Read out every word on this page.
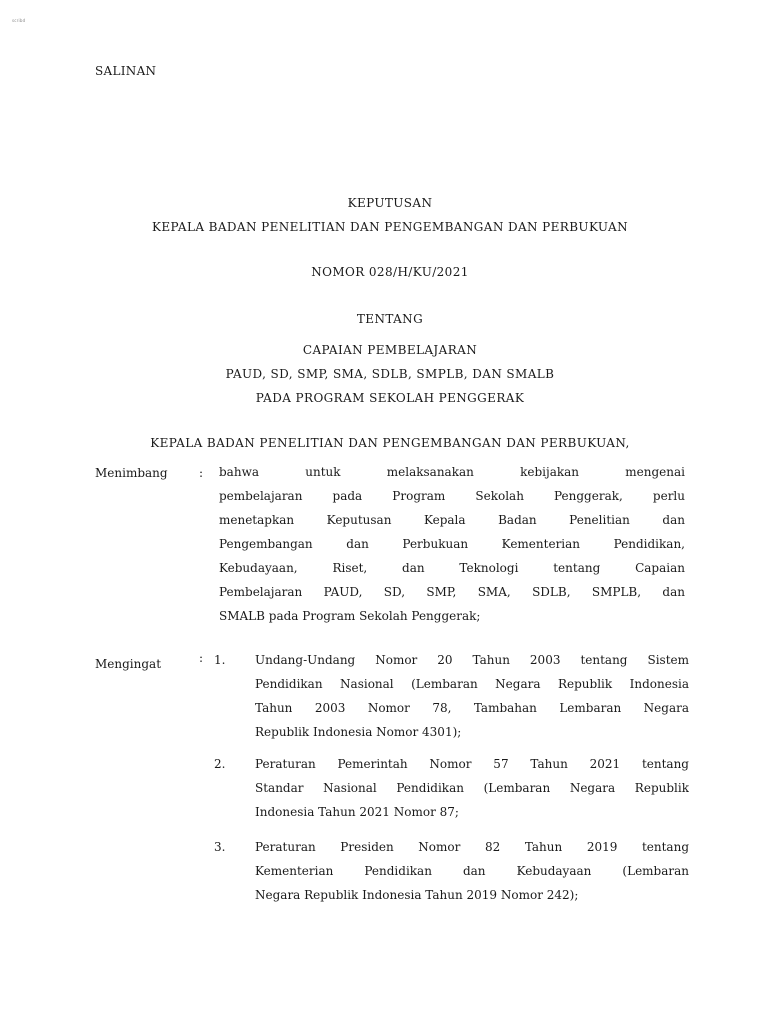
scribd
SALINAN
KEPUTUSAN
KEPALA BADAN PENELITIAN DAN PENGEMBANGAN DAN PERBUKUAN
NOMOR 028/H/KU/2021
TENTANG
CAPAIAN PEMBELAJARAN
PAUD, SD, SMP, SMA, SDLB, SMPLB, DAN SMALB
PADA PROGRAM SEKOLAH PENGGERAK
KEPALA BADAN PENELITIAN DAN PENGEMBANGAN DAN PERBUKUAN,
Menimbang	: bahwa untuk melaksanakan kebijakan mengenai
pembelajaran pada Program Sekolah Penggerak, perlu
menetapkan Keputusan Kepala Badan Penelitian dan
Pengembangan dan Perbukuan Kementerian Pendidikan,
Kebudayaan, Riset, dan Teknologi tentang Capaian
Pembelajaran PAUD, SD, SMP, SMA, SDLB, SMPLB, dan
SMALB pada Program Sekolah Penggerak;
Mengingat	: 1. Undang-Undang Nomor 20 Tahun 2003 tentang Sistem
Pendidikan Nasional (Lembaran Negara Republik Indonesia
Tahun 2003 Nomor 78, Tambahan Lembaran Negara
Republik Indonesia Nomor 4301);
2. Peraturan Pemerintah Nomor 57 Tahun 2021 tentang
Standar Nasional Pendidikan (Lembaran Negara Republik
Indonesia Tahun 2021 Nomor 87;
3. Peraturan Presiden Nomor 82 Tahun 2019 tentang
Kementerian Pendidikan dan Kebudayaan (Lembaran
Negara Republik Indonesia Tahun 2019 Nomor 242);
